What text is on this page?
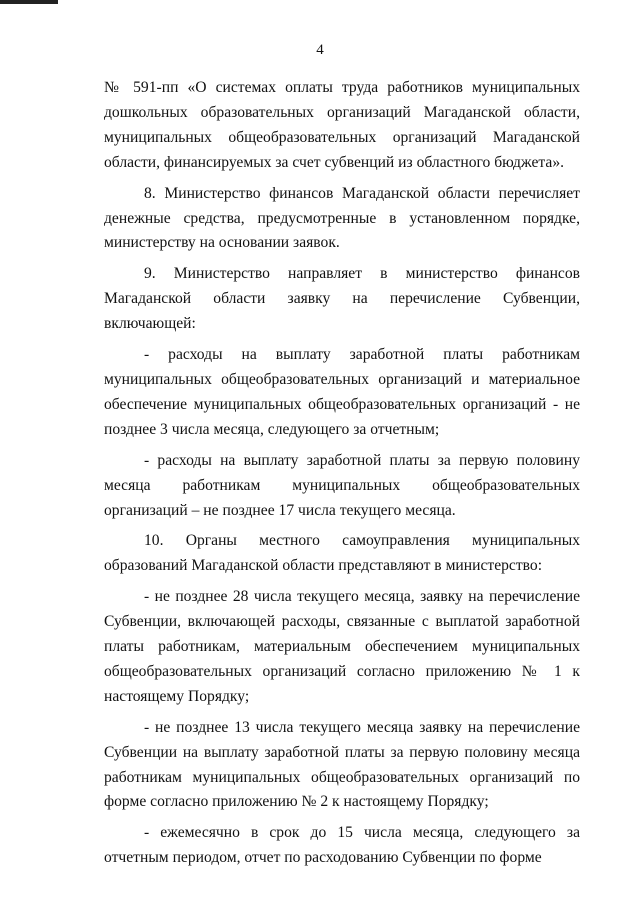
4

№ 591-пп «О системах оплаты труда работников муниципальных дошкольных образовательных организаций Магаданской области, муниципальных общеобразовательных организаций Магаданской области, финансируемых за счет субвенций из областного бюджета».

8. Министерство финансов Магаданской области перечисляет денежные средства, предусмотренные в установленном порядке, министерству на основании заявок.

9. Министерство направляет в министерство финансов Магаданской области заявку на перечисление Субвенции, включающей:

- расходы на выплату заработной платы работникам муниципальных общеобразовательных организаций и материальное обеспечение муниципальных общеобразовательных организаций - не позднее 3 числа месяца, следующего за отчетным;

- расходы на выплату заработной платы за первую половину месяца работникам муниципальных общеобразовательных организаций – не позднее 17 числа текущего месяца.

10. Органы местного самоуправления муниципальных образований Магаданской области представляют в министерство:

- не позднее 28 числа текущего месяца, заявку на перечисление Субвенции, включающей расходы, связанные с выплатой заработной платы работникам, материальным обеспечением муниципальных общеобразовательных организаций согласно приложению № 1 к настоящему Порядку;

- не позднее 13 числа текущего месяца заявку на перечисление Субвенции на выплату заработной платы за первую половину месяца работникам муниципальных общеобразовательных организаций по форме согласно приложению № 2 к настоящему Порядку;

- ежемесячно в срок до 15 числа месяца, следующего за отчетным периодом, отчет по расходованию Субвенции по форме
